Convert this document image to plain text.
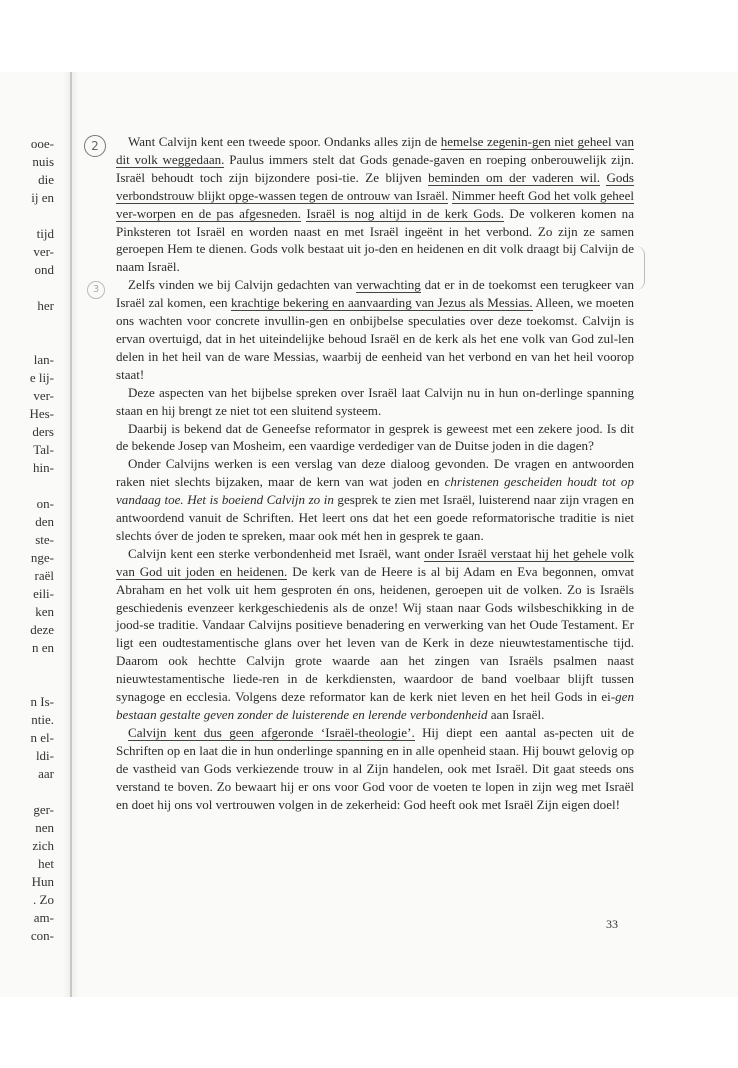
ooe-
nuis
die
ij en
tijd
ver-
ond
her
lan-
e lij-
ver-
Hes-
ders
Tal-
hin-
on-
den
ste-
nge-
raël
eili-
ken
deze
n en
n Is-
ntie.
n el-
ldi-
aar
ger-
nen
zich
het
Hun
. Zo
am-
con-
2
3

Want Calvijn kent een tweede spoor. Ondanks alles zijn de hemelse zegenin-gen niet geheel van dit volk weggedaan. Paulus immers stelt dat Gods genade-gaven en roeping onberouwelijk zijn. Israël behoudt toch zijn bijzondere posi-tie. Ze blijven beminden om der vaderen wil. Gods verbondstrouw blijkt opge-wassen tegen de ontrouw van Israël. Nimmer heeft God het volk geheel ver-worpen en de pas afgesneden. Israël is nog altijd in de kerk Gods. De volkeren komen na Pinksteren tot Israël en worden naast en met Israël ingeënt in het verbond. Zo zijn ze samen geroepen Hem te dienen. Gods volk bestaat uit jo-den en heidenen en dit volk draagt bij Calvijn de naam Israël.

Zelfs vinden we bij Calvijn gedachten van verwachting dat er in de toekomst een terugkeer van Israël zal komen, een krachtige bekering en aanvaarding van Jezus als Messias. Alleen, we moeten ons wachten voor concrete invullin-gen en onbijbelse speculaties over deze toekomst. Calvijn is ervan overtuigd, dat in het uiteindelijke behoud Israël en de kerk als het ene volk van God zul-len delen in het heil van de ware Messias, waarbij de eenheid van het verbond en van het heil voorop staat!

Deze aspecten van het bijbelse spreken over Israël laat Calvijn nu in hun on-derlinge spanning staan en hij brengt ze niet tot een sluitend systeem.

Daarbij is bekend dat de Geneefse reformator in gesprek is geweest met een zekere jood. Is dit de bekende Josep van Mosheim, een vaardige verdediger van de Duitse joden in die dagen?

Onder Calvijns werken is een verslag van deze dialoog gevonden. De vragen en antwoorden raken niet slechts bijzaken, maar de kern van wat joden en christenen gescheiden houdt tot op vandaag toe. Het is boeiend Calvijn zo in gesprek te zien met Israël, luisterend naar zijn vragen en antwoordend vanuit de Schriften. Het leert ons dat het een goede reformatorische traditie is niet slechts óver de joden te spreken, maar ook mét hen in gesprek te gaan.

Calvijn kent een sterke verbondenheid met Israël, want onder Israël verstaat hij het gehele volk van God uit joden en heidenen. De kerk van de Heere is al bij Adam en Eva begonnen, omvat Abraham en het volk uit hem gesproten én ons, heidenen, geroepen uit de volken. Zo is Israëls geschiedenis evenzeer kerkgeschiedenis als de onze! Wij staan naar Gods wilsbeschikking in de jood-se traditie. Vandaar Calvijns positieve benadering en verwerking van het Oude Testament. Er ligt een oudtestamentische glans over het leven van de Kerk in deze nieuwtestamentische tijd. Daarom ook hechtte Calvijn grote waarde aan het zingen van Israëls psalmen naast nieuwtestamentische liede-ren in de kerkdiensten, waardoor de band voelbaar blijft tussen synagoge en ecclesia. Volgens deze reformator kan de kerk niet leven en het heil Gods in ei-gen bestaan gestalte geven zonder de luisterende en lerende verbondenheid aan Israël.

Calvijn kent dus geen afgeronde ‘Israël-theologie’. Hij diept een aantal as-pecten uit de Schriften op en laat die in hun onderlinge spanning en in alle openheid staan. Hij bouwt gelovig op de vastheid van Gods verkiezende trouw in al Zijn handelen, ook met Israël. Dit gaat steeds ons verstand te boven. Zo bewaart hij er ons voor God voor de voeten te lopen in zijn weg met Israël en doet hij ons vol vertrouwen volgen in de zekerheid: God heeft ook met Israël Zijn eigen doel!

33
